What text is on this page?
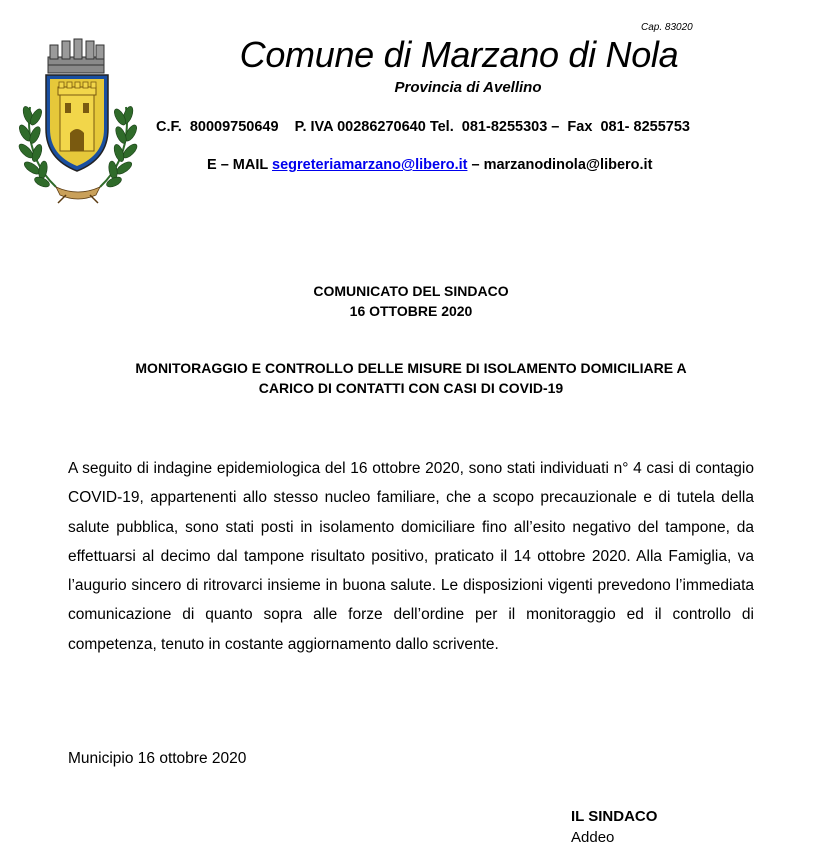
Cap. 83020
Comune di Marzano di Nola
Provincia di Avellino
C.F.  80009750649    P. IVA 00286270640 Tel.  081-8255303 –  Fax  081- 8255753
E – MAIL segreteriamarzano@libero.it – marzanodinola@libero.it
COMUNICATO DEL SINDACO
16 OTTOBRE 2020
MONITORAGGIO E CONTROLLO DELLE MISURE DI ISOLAMENTO DOMICILIARE A
CARICO DI CONTATTI CON CASI DI COVID-19
A seguito di indagine epidemiologica del 16 ottobre 2020, sono stati individuati n° 4 casi di contagio COVID-19, appartenenti allo stesso nucleo familiare, che a scopo precauzionale e di tutela della salute pubblica, sono stati posti in isolamento domiciliare fino all’esito negativo del tampone, da effettuarsi al decimo dal tampone risultato positivo, praticato il 14 ottobre 2020. Alla Famiglia, va l’augurio sincero di ritrovarci insieme in buona salute. Le disposizioni vigenti prevedono l’immediata comunicazione di quanto sopra alle forze dell’ordine per il monitoraggio ed il controllo di competenza, tenuto in costante aggiornamento dallo scrivente.
Municipio 16 ottobre 2020
IL SINDACO
Addeo
